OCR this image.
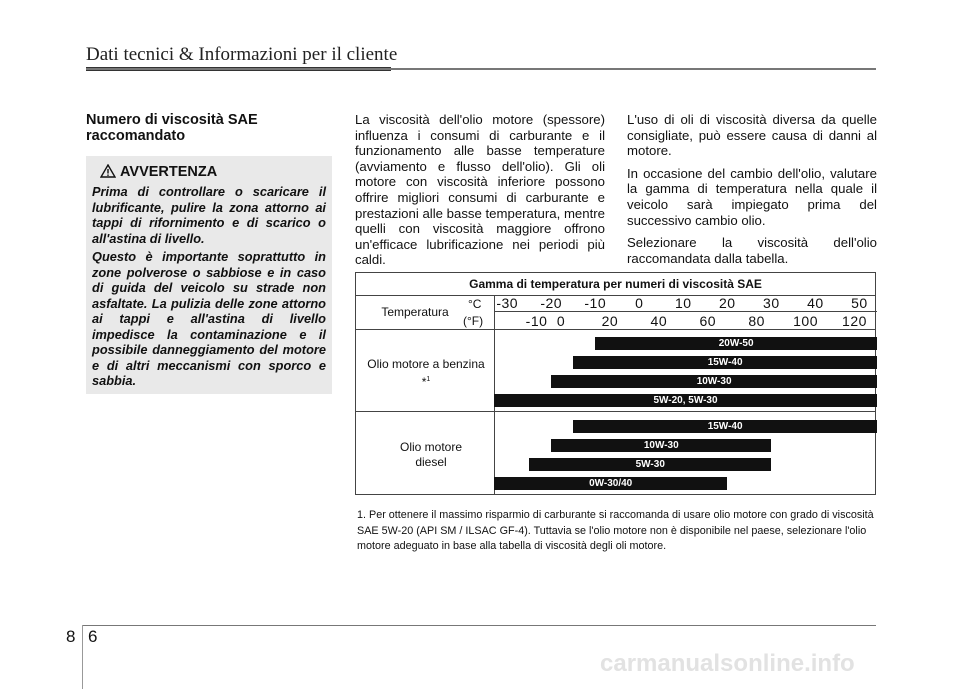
Dati tecnici & Informazioni per il cliente
Numero di viscosità SAE raccomandato
AVVERTENZA
Prima di controllare o scaricare il lubrificante, pulire la zona attorno ai tappi di rifornimento e di scarico o all'astina di livello.
Questo è importante soprattutto in zone polverose o sabbiose e in caso di guida del veicolo su strade non asfaltate. La pulizia delle zone attorno ai tappi e all'astina di livello impedisce la contaminazione e il possibile danneggiamento del motore e di altri meccanismi con sporco e sabbia.

La viscosità dell'olio motore (spessore) influenza i consumi di carburante e il funzionamento alle basse temperature (avviamento e flusso dell'olio). Gli oli motore con viscosità inferiore possono offrire migliori consumi di carburante e prestazioni alle basse temperatura, mentre quelli con viscosità maggiore offrono un'efficace lubrificazione nei periodi più caldi.

L'uso di oli di viscosità diversa da quelle consigliate, può essere causa di danni al motore.

In occasione del cambio dell'olio, valutare la gamma di temperatura nella quale il veicolo sarà impiegato prima del successivo cambio olio.

Selezionare la viscosità dell'olio raccomandata dalla tabella.

Gamma di temperatura per numeri di viscosità SAE
Temperatura
°C
(°F)
-30 -20 -10 0 10 20 30 40 50
-10 0	20 40 60 80 100 120
Olio motore a benzina *$^1$
Olio motore diesel
20W-50
15W-40
10W-30
5W-20, 5W-30
15W-40
10W-30
5W-30
0W-30/40
1. Per ottenere il massimo risparmio di carburante si raccomanda di usare olio motore con grado di viscosità SAE 5W-20 (API SM / ILSAC GF-4). Tuttavia se l'olio motore non è disponibile nel paese, selezionare l'olio motore adeguato in base alla tabella di viscosità degli oli motore.
8 6
carmanualsonline.info
